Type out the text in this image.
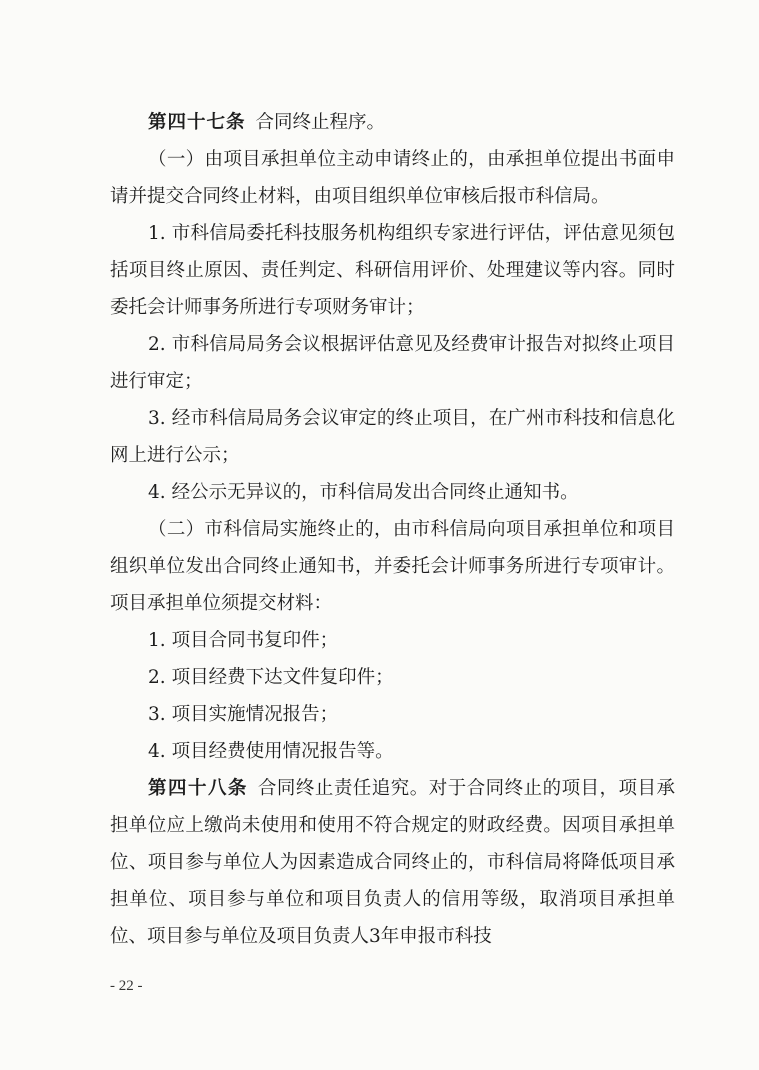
第四十七条 合同终止程序。

（一）由项目承担单位主动申请终止的，由承担单位提出书面申请并提交合同终止材料，由项目组织单位审核后报市科信局。

1. 市科信局委托科技服务机构组织专家进行评估，评估意见须包括项目终止原因、责任判定、科研信用评价、处理建议等内容。同时委托会计师事务所进行专项财务审计；

2. 市科信局局务会议根据评估意见及经费审计报告对拟终止项目进行审定；

3. 经市科信局局务会议审定的终止项目，在广州市科技和信息化网上进行公示；

4. 经公示无异议的，市科信局发出合同终止通知书。

（二）市科信局实施终止的，由市科信局向项目承担单位和项目组织单位发出合同终止通知书，并委托会计师事务所进行专项审计。项目承担单位须提交材料：

1. 项目合同书复印件；

2. 项目经费下达文件复印件；

3. 项目实施情况报告；

4. 项目经费使用情况报告等。

第四十八条 合同终止责任追究。对于合同终止的项目，项目承担单位应上缴尚未使用和使用不符合规定的财政经费。因项目承担单位、项目参与单位人为因素造成合同终止的，市科信局将降低项目承担单位、项目参与单位和项目负责人的信用等级，取消项目承担单位、项目参与单位及项目负责人3年申报市科技

- 22 -
